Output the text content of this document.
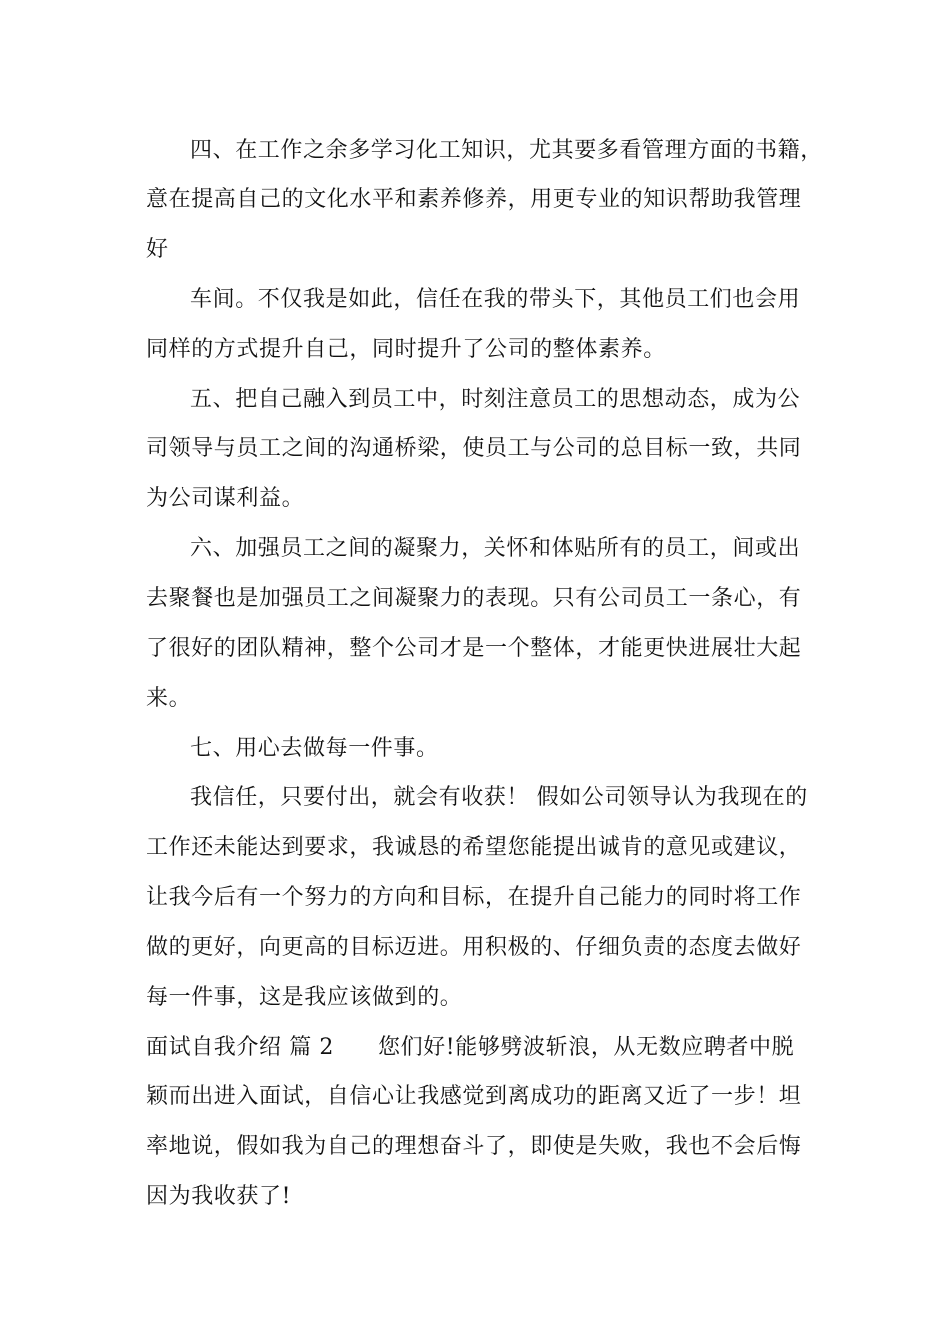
四、在工作之余多学习化工知识，尤其要多看管理方面的书籍，
意在提高自己的文化水平和素养修养，用更专业的知识帮助我管理
好
车间。不仅我是如此，信任在我的带头下，其他员工们也会用
同样的方式提升自己，同时提升了公司的整体素养。
五、把自己融入到员工中，时刻注意员工的思想动态，成为公
司领导与员工之间的沟通桥梁，使员工与公司的总目标一致，共同
为公司谋利益。
六、加强员工之间的凝聚力，关怀和体贴所有的员工，间或出
去聚餐也是加强员工之间凝聚力的表现。只有公司员工一条心，有
了很好的团队精神，整个公司才是一个整体，才能更快进展壮大起
来。
七、用心去做每一件事。
我信任，只要付出，就会有收获！ 假如公司领导认为我现在的
工作还未能达到要求，我诚恳的希望您能提出诚肯的意见或建议，
让我今后有一个努力的方向和目标，在提升自己能力的同时将工作
做的更好，向更高的目标迈进。用积极的、仔细负责的态度去做好
每一件事，这是我应该做到的。
面试自我介绍 篇 2 您们好!能够劈波斩浪，从无数应聘者中脱
颖而出进入面试，自信心让我感觉到离成功的距离又近了一步！坦
率地说，假如我为自己的理想奋斗了，即使是失败，我也不会后悔
因为我收获了!
